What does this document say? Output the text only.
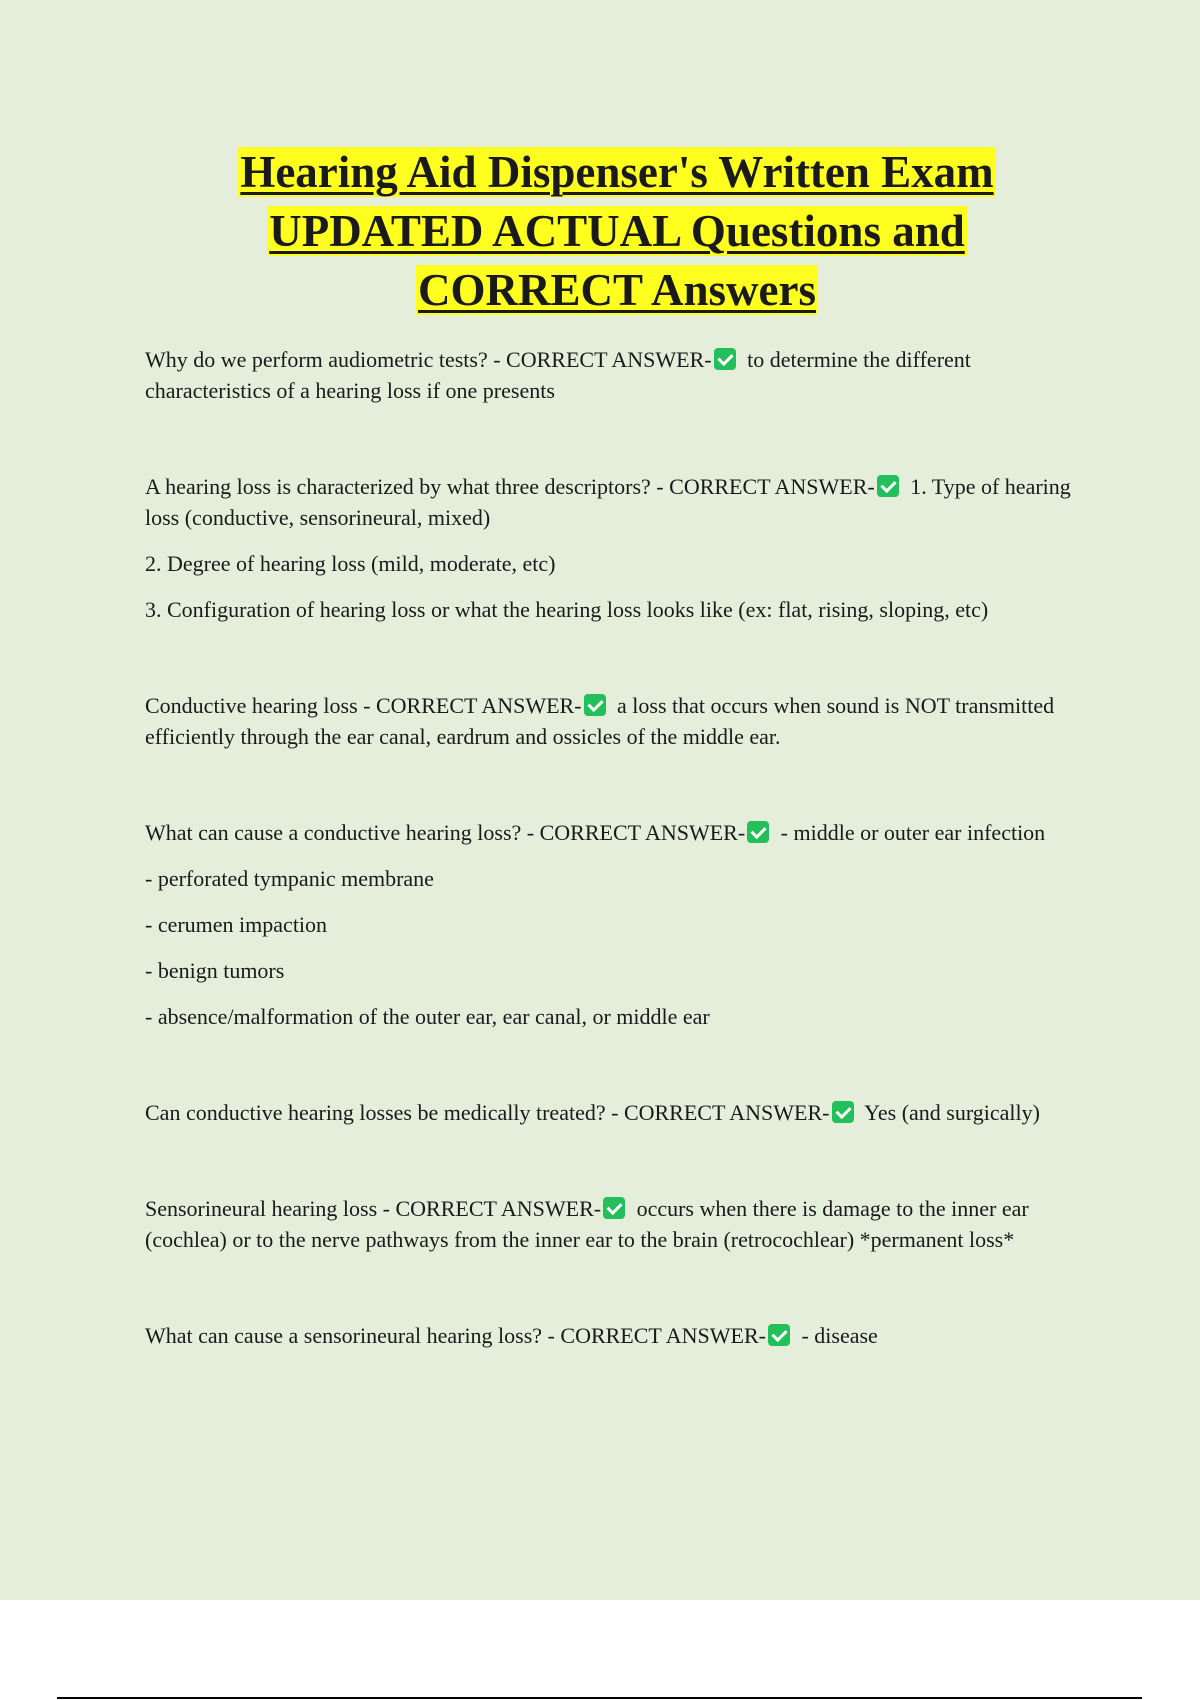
Hearing Aid Dispenser's Written Exam
UPDATED ACTUAL Questions and
CORRECT Answers

Why do we perform audiometric tests? - CORRECT ANSWER- to determine the different characteristics of a hearing loss if one presents

A hearing loss is characterized by what three descriptors? - CORRECT ANSWER- 1. Type of hearing loss (conductive, sensorineural, mixed)

2. Degree of hearing loss (mild, moderate, etc)

3. Configuration of hearing loss or what the hearing loss looks like (ex: flat, rising, sloping, etc)

Conductive hearing loss - CORRECT ANSWER- a loss that occurs when sound is NOT transmitted efficiently through the ear canal, eardrum and ossicles of the middle ear.

What can cause a conductive hearing loss? - CORRECT ANSWER- - middle or outer ear infection

- perforated tympanic membrane

- cerumen impaction

- benign tumors

- absence/malformation of the outer ear, ear canal, or middle ear

Can conductive hearing losses be medically treated? - CORRECT ANSWER- Yes (and surgically)

Sensorineural hearing loss - CORRECT ANSWER- occurs when there is damage to the inner ear (cochlea) or to the nerve pathways from the inner ear to the brain (retrocochlear) *permanent loss*

What can cause a sensorineural hearing loss? - CORRECT ANSWER- - disease
